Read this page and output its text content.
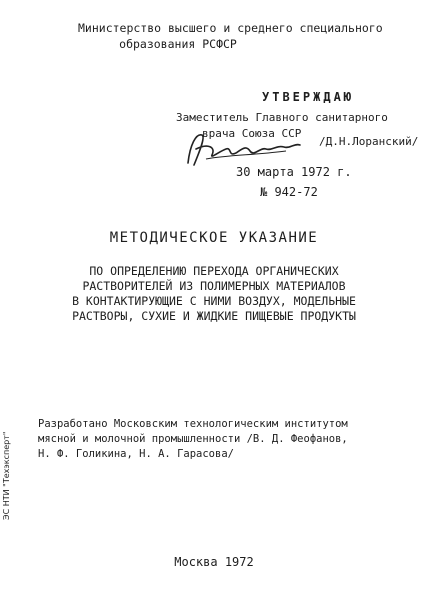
Министерство высшего и среднего специального
образования РСФСР
УТВЕРЖДАЮ
Заместитель Главного санитарного
врача Союза ССР
/Д.Н.Лоранский/
30 марта 1972 г.
№ 942-72
МЕТОДИЧЕСКОЕ УКАЗАНИЕ
ПО ОПРЕДЕЛЕНИЮ ПЕРЕХОДА ОРГАНИЧЕСКИХ
РАСТВОРИТЕЛЕЙ ИЗ ПОЛИМЕРНЫХ МАТЕРИАЛОВ
В КОНТАКТИРУЮЩИЕ С НИМИ ВОЗДУХ, МОДЕЛЬНЫЕ
РАСТВОРЫ, СУХИЕ И ЖИДКИЕ ПИЩЕВЫЕ ПРОДУКТЫ
Разработано Московским технологическим институтом
мясной и молочной промышленности /В. Д. Феофанов,
Н. Ф. Голикина, Н. А. Гарасова/
ЭС НТИ "Техэксперт"
Москва 1972
